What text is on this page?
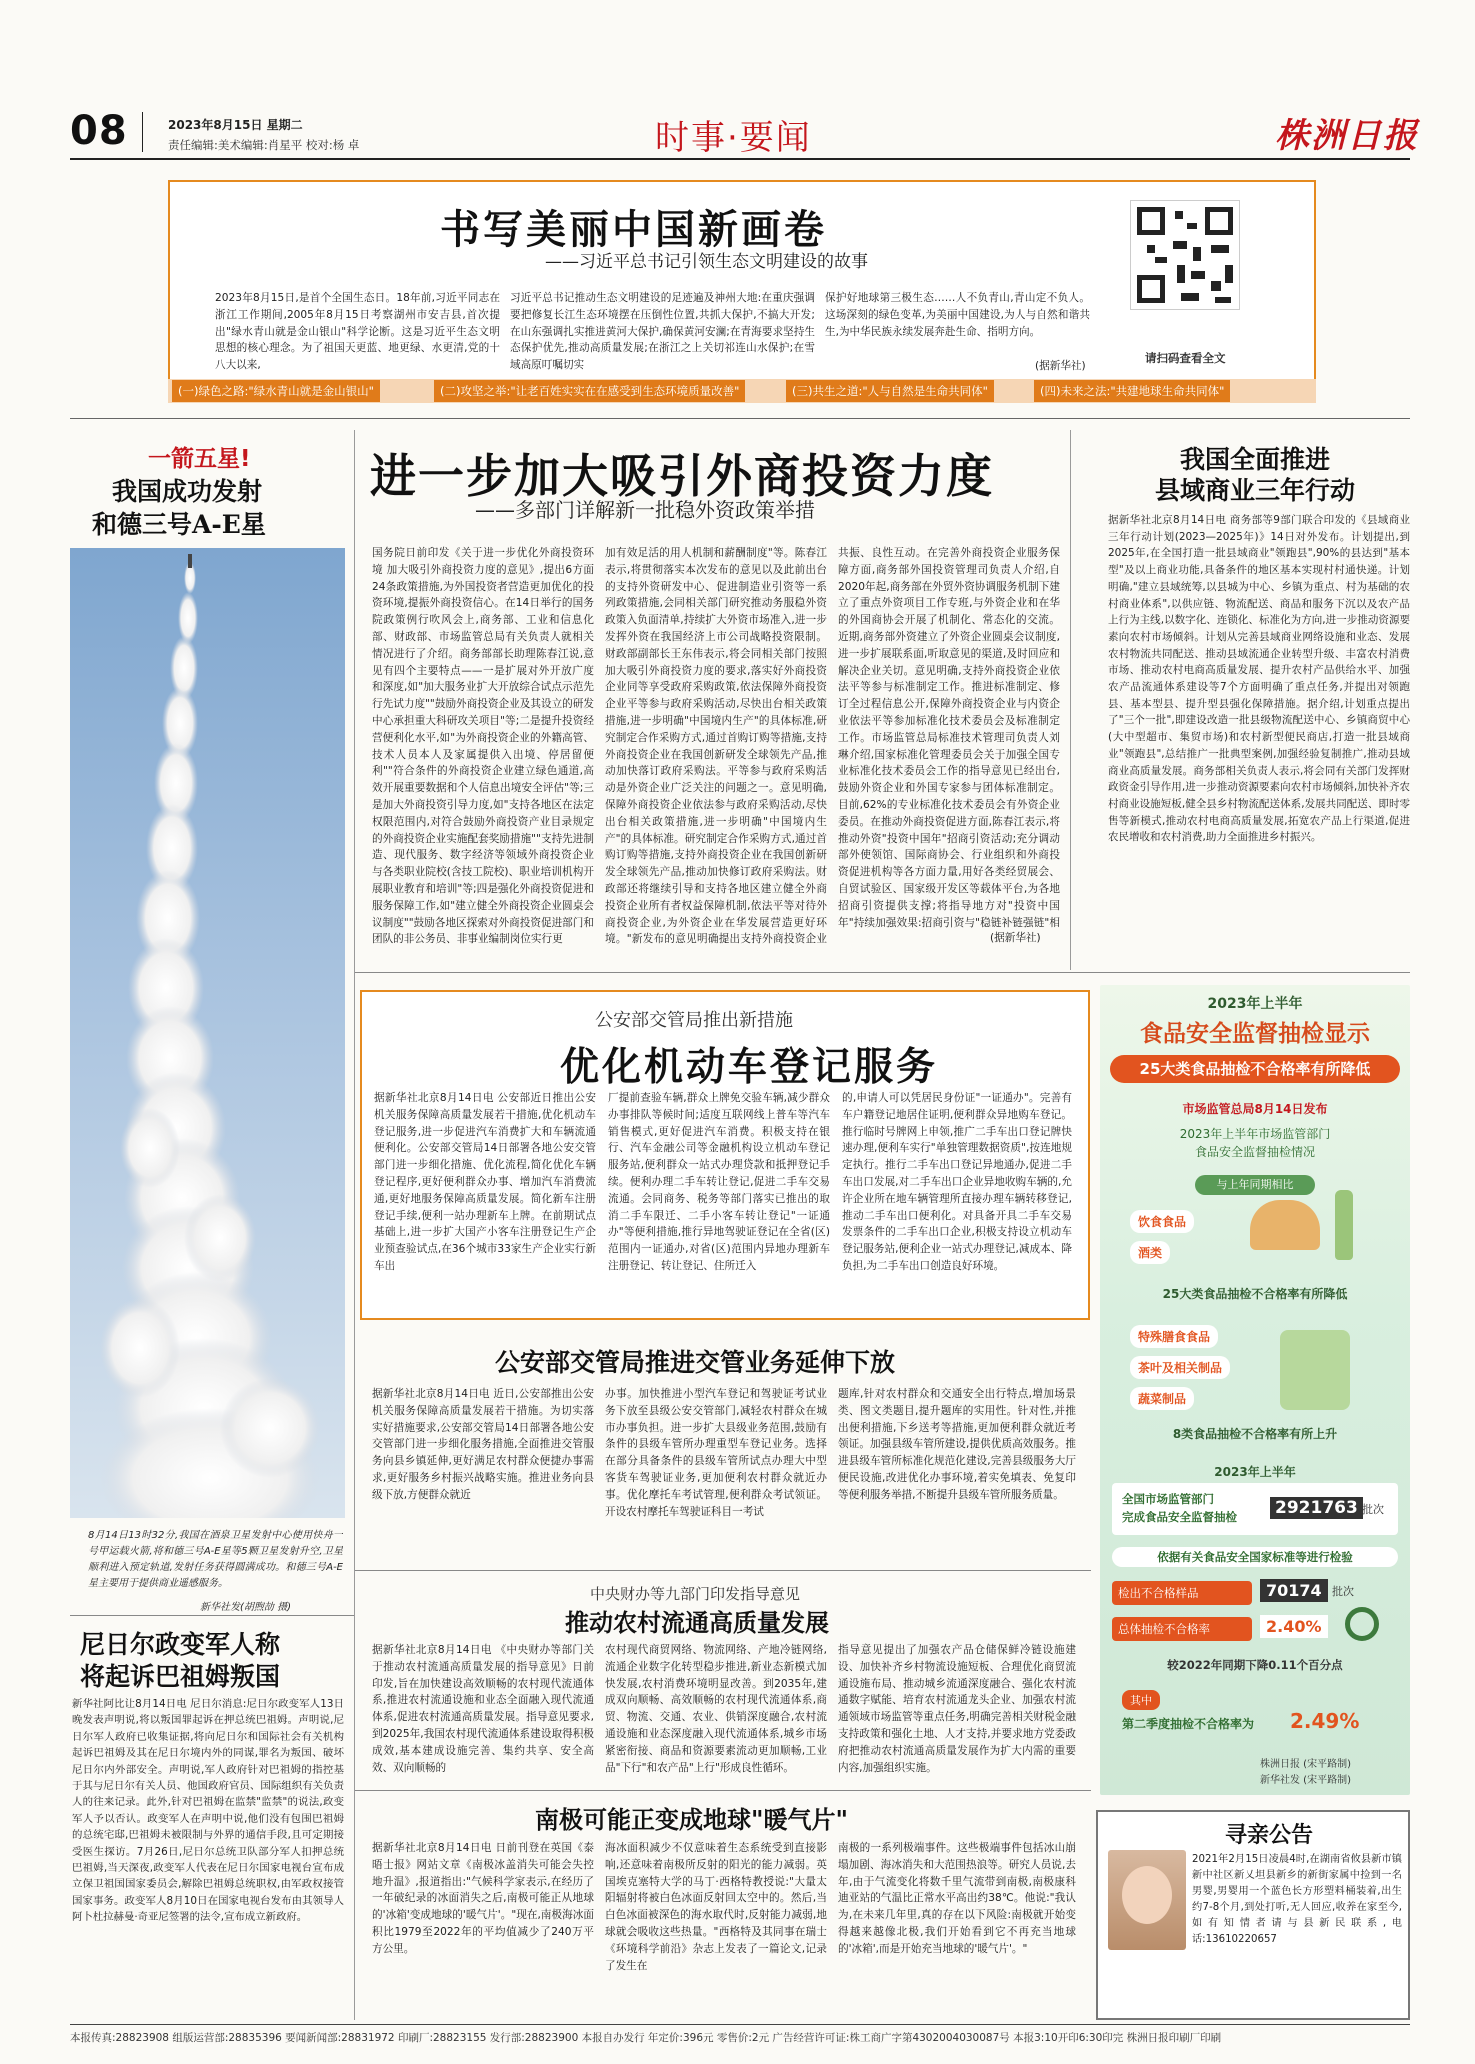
08	2023年8月15日 星期二
责任编辑:美术编辑:肖星平 校对:杨 卓	时事·要闻	株洲日报
书写美丽中国新画卷
——习近平总书记引领生态文明建设的故事
2023年8月15日,是首个全国生态日。18年前,习近平同志在浙江工作期间,2005年8月15日考察湖州市安吉县,首次提出"绿水青山就是金山银山"科学论断。这是习近平生态文明思想的核心理念。为了祖国天更蓝、地更绿、水更清,党的十八大以来,
习近平总书记推动生态文明建设的足迹遍及神州大地:在重庆强调要把修复长江生态环境摆在压倒性位置,共抓大保护,不搞大开发;在山东强调扎实推进黄河大保护,确保黄河安澜;在青海要求坚持生态保护优先,推动高质量发展;在浙江之上关切祁连山水保护;在雪域高原叮嘱切实
保护好地球第三极生态……人不负青山,青山定不负人。这场深刻的绿色变革,为美丽中国建设,为人与自然和谐共生,为中华民族永续发展奔赴生命、指明方向。
(据新华社)
请扫码查看全文
(一)绿色之路:"绿水青山就是金山银山"	(二)攻坚之举:"让老百姓实实在在感受到生态环境质量改善"	(三)共生之道:"人与自然是生命共同体"	(四)未来之法:"共建地球生命共同体"
一箭五星!
我国成功发射
和德三号A-E星
8月14日13时32分,我国在酒泉卫星发射中心使用快舟一号甲运载火箭,将和德三号A-E星等5颗卫星发射升空,卫星顺利进入预定轨道,发射任务获得圆满成功。和德三号A-E星主要用于提供商业遥感服务。
新华社发(胡煦劼 摄)
进一步加大吸引外商投资力度
——多部门详解新一批稳外资政策举措
国务院日前印发《关于进一步优化外商投资环境 加大吸引外商投资力度的意见》,提出6方面24条政策措施,为外国投资者营造更加优化的投资环境,提振外商投资信心。在14日举行的国务院政策例行吹风会上,商务部、工业和信息化部、财政部、市场监管总局有关负责人就相关情况进行了介绍。商务部部长助理陈春江说,意见有四个主要特点——一是扩展对外开放广度和深度,如"加大服务业扩大开放综合试点示范先行先试力度""鼓励外商投资企业及其设立的研发中心承担重大科研攻关项目"等;二是提升投资经营便利化水平,如"为外商投资企业的外籍高管、技术人员本人及家属提供入出境、停居留便利""符合条件的外商投资企业建立绿色通道,高效开展重要数据和个人信息出境安全评估"等;三是加大外商投资引导力度,如"支持各地区在法定权限范围内,对符合鼓励外商投资产业目录规定的外商投资企业实施配套奖励措施""支持先进制造、现代服务、数字经济等领域外商投资企业与各类职业院校(含技工院校)、职业培训机构开展职业教育和培训"等;四是强化外商投资促进和服务保障工作,如"建立健全外商投资企业圆桌会议制度""鼓励各地区探索对外商投资促进部门和团队的非公务员、非事业编制岗位实行更
加有效足活的用人机制和薪酬制度"等。陈春江表示,将贯彻落实本次发布的意见以及此前出台的支持外资研发中心、促进制造业引资等一系列政策措施,会同相关部门研究推动务服稳外资政策入负面清单,持续扩大外资市场准入,进一步发挥外资在我国经济上市公司战略投资限制。财政部副部长王东伟表示,将会同相关部门按照加大吸引外商投资力度的要求,落实好外商投资企业同等享受政府采购政策,依法保障外商投资企业平等参与政府采购活动,尽快出台相关政策措施,进一步明确"中国境内生产"的具体标准,研究制定合作采购方式,通过首购订购等措施,支持外商投资企业在我国创新研发全球领先产品,推动加快落订政府采购法。平等参与政府采购活动是外资企业广泛关注的问题之一。意见明确,保障外商投资企业依法参与政府采购活动,尽快出台相关政策措施,进一步明确"中国境内生产"的具体标准。研究制定合作采购方式,通过首购订购等措施,支持外商投资企业在我国创新研发全球领先产品,推动加快修订政府采购法。财政部还将继续引导和支持各地区建立健全外商投资企业所有者权益保障机制,依法平等对待外商投资企业,为外资企业在华发展营造更好环境。"新发布的意见明确提出支持外商投资企业
共振、良性互动。在完善外商投资企业服务保障方面,商务部外国投资管理司负责人介绍,自2020年起,商务部在外贸外资协调服务机制下建立了重点外资项目工作专班,与外资企业和在华的外国商协会开展了机制化、常态化的交流。近期,商务部外资建立了外资企业圆桌会议制度,进一步扩展联系面,听取意见的渠道,及时回应和解决企业关切。意见明确,支持外商投资企业依法平等参与标准制定工作。推进标准制定、修订全过程信息公开,保障外商投资企业与内资企业依法平等参加标准化技术委员会及标准制定工作。市场监管总局标准技术管理司负责人刘琳介绍,国家标准化管理委员会关于加强全国专业标准化技术委员会工作的指导意见已经出台,鼓励外资企业和外国专家参与团体标准制定。目前,62%的专业标准化技术委员会有外资企业委员。在推动外商投资促进方面,陈春江表示,将推动外资"投资中国年"招商引资活动;充分调动部外使领馆、国际商协会、行业组织和外商投资促进机构等各方面力量,用好各类经贸展会、自贸试验区、国家级开发区等载体平台,为各地招商引资提供支撑;将指导地方对"投资中国年"持续加强效果:招商引资与"稳链补链强链"相
(据新华社)
我国全面推进
县域商业三年行动
据新华社北京8月14日电 商务部等9部门联合印发的《县域商业三年行动计划(2023—2025年)》14日对外发布。计划提出,到2025年,在全国打造一批县域商业"领跑县",90%的县达到"基本型"及以上商业功能,具备条件的地区基本实现村村通快递。计划明确,"建立县域统筹,以县城为中心、乡镇为重点、村为基础的农村商业体系",以供应链、物流配送、商品和服务下沉以及农产品上行为主线,以数字化、连锁化、标准化为方向,进一步推动资源要素向农村市场倾斜。计划从完善县域商业网络设施和业态、发展农村物流共同配送、推动县域流通企业转型升级、丰富农村消费市场、推动农村电商高质量发展、提升农村产品供给水平、加强农产品流通体系建设等7个方面明确了重点任务,并提出对领跑县、基本型县、提升型县强化保障措施。据介绍,计划重点提出了"三个一批",即建设改造一批县级物流配送中心、乡镇商贸中心(大中型超市、集贸市场)和农村新型便民商店,打造一批县域商业"领跑县",总结推广一批典型案例,加强经验复制推广,推动县域商业高质量发展。商务部相关负责人表示,将会同有关部门发挥财政资金引导作用,进一步推动资源要素向农村市场倾斜,加快补齐农村商业设施短板,健全县乡村物流配送体系,发展共同配送、即时零售等新模式,推动农村电商高质量发展,拓宽农产品上行渠道,促进农民增收和农村消费,助力全面推进乡村振兴。
公安部交管局推出新措施
优化机动车登记服务
据新华社北京8月14日电 公安部近日推出公安机关服务保障高质量发展若干措施,优化机动车登记服务,进一步促进汽车消费扩大和车辆流通便利化。公安部交管局14日部署各地公安交管部门进一步细化措施、优化流程,简化优化车辆登记程序,更好便利群众办事、增加汽车消费流通,更好地服务保障高质量发展。简化新车注册登记手续,便利一站办理新车上牌。在前期试点基础上,进一步扩大国产小客车注册登记生产企业预查验试点,在36个城市33家生产企业实行新车出
厂提前查验车辆,群众上牌免交验车辆,减少群众办事排队等候时间;适度互联网线上普车等汽车销售模式,更好促进汽车消费。积极支持在银行、汽车金融公司等金融机构设立机动车登记服务站,便利群众一站式办理贷款和抵押登记手续。便利办理二手车转让登记,促进二手车交易流通。会同商务、税务等部门落实已推出的取消二手车限迁、二手小客车转让登记"一证通办"等便利措施,推行异地驾驶证登记在全省(区)范围内一证通办,对省(区)范围内异地办理新车注册登记、转让登记、住所迁入
的,申请人可以凭居民身份证"一证通办"。完善有车户籍登记地居住证明,便利群众异地购车登记。推行临时号牌网上申领,推广二手车出口登记牌快速办理,便利车实行"单独管理数据资质",按连地规定执行。推行二手车出口登记异地通办,促进二手车出口发展,对二手车出口企业异地收购车辆的,允许企业所在地车辆管理所直接办理车辆转移登记,推动二手车出口便利化。对具备开具二手车交易发票条件的二手车出口企业,积极支持设立机动车登记服务站,便利企业一站式办理登记,减成本、降负担,为二手车出口创造良好环境。
公安部交管局推进交管业务延伸下放
据新华社北京8月14日电 近日,公安部推出公安机关服务保障高质量发展若干措施。为切实落实好措施要求,公安部交管局14日部署各地公安交管部门进一步细化服务措施,全面推进交管服务向县乡镇延伸,更好满足农村群众便捷办事需求,更好服务乡村振兴战略实施。推进业务向县级下放,方便群众就近
办事。加快推进小型汽车登记和驾驶证考试业务下放至县级公安交管部门,减轻农村群众在城市办事负担。进一步扩大县级业务范围,鼓励有条件的县级车管所办理重型车登记业务。选择在部分具备条件的县级车管所试点办理大中型客货车驾驶证业务,更加便利农村群众就近办事。优化摩托车考试管理,便利群众考试领证。开设农村摩托车驾驶证科目一考试
题库,针对农村群众和交通安全出行特点,增加场景类、图文类题目,提升题库的实用性。针对性,并推出便利措施,下乡送考等措施,更加便利群众就近考领证。加强县级车管所建设,提供优质高效服务。推进县级车管所标准化规范化建设,完善县级服务大厅便民设施,改进优化办事环境,着实免填表、免复印等便利服务举措,不断提升县级车管所服务质量。
中央财办等九部门印发指导意见
推动农村流通高质量发展
据新华社北京8月14日电 《中央财办等部门关于推动农村流通高质量发展的指导意见》日前印发,旨在加快建设高效顺畅的农村现代流通体系,推进农村流通设施和业态全面融入现代流通体系,促进农村流通高质量发展。指导意见要求,到2025年,我国农村现代流通体系建设取得积极成效,基本建成设施完善、集约共享、安全高效、双向顺畅的
农村现代商贸网络、物流网络、产地冷链网络,流通企业数字化转型稳步推进,新业态新模式加快发展,农村消费环境明显改善。到2035年,建成双向顺畅、高效顺畅的农村现代流通体系,商贸、物流、交通、农业、供销深度融合,农村流通设施和业态深度融入现代流通体系,城乡市场紧密衔接、商品和资源要素流动更加顺畅,工业品"下行"和农产品"上行"形成良性循环。
指导意见提出了加强农产品仓储保鲜冷链设施建设、加快补齐乡村物流设施短板、合理优化商贸流通设施布局、推动城乡流通深度融合、强化农村流通数字赋能、培育农村流通龙头企业、加强农村流通领域市场监管等重点任务,明确完善相关财税金融支持政策和强化土地、人才支持,并要求地方党委政府把推动农村流通高质量发展作为扩大内需的重要内容,加强组织实施。
南极可能正变成地球"暖气片"
据新华社北京8月14日电 日前刊登在英国《泰晤士报》网站文章《南极冰盖消失可能会失控地升温》,报道指出:"气候科学家表示,在经历了一年破纪录的冰面消失之后,南极可能正从地球的'冰箱'变成地球的'暖气片'。"现在,南极海冰面积比1979至2022年的平均值减少了240万平方公里。
海冰面积减少不仅意味着生态系统受到直接影响,还意味着南极所反射的阳光的能力减弱。英国埃克塞特大学的马丁·西格特教授说:"大量太阳辐射将被白色冰面反射回太空中的。然后,当白色冰面被深色的海水取代时,反射能力减弱,地球就会吸收这些热量。"西格特及其同事在瑞士《环境科学前沿》杂志上发表了一篇论文,记录了发生在
南极的一系列极端事件。这些极端事件包括冰山崩塌加剧、海冰消失和大范围热浪等。研究人员说,去年,由于气流变化将数千里气流带到南极,南极康科迪亚站的气温比正常水平高出约38℃。他说:"我认为,在未来几年里,真的存在以下风险:南极就开始变得越来越像北极,我们开始看到它不再充当地球的'冰箱',而是开始充当地球的'暖气片'。"
尼日尔政变军人称
将起诉巴祖姆叛国
新华社阿比让8月14日电 尼日尔消息:尼日尔政变军人13日晚发表声明说,将以叛国罪起诉在押总统巴祖姆。声明说,尼日尔军人政府已收集证据,将向尼日尔和国际社会有关机构起诉巴祖姆及其在尼日尔境内外的同谋,罪名为叛国、破坏尼日尔内外部安全。声明说,军人政府针对巴祖姆的指控基于其与尼日尔有关人员、他国政府官员、国际组织有关负责人的往来记录。此外,针对巴祖姆在监禁"监禁"的说法,政变军人予以否认。政变军人在声明中说,他们没有包围巴祖姆的总统宅邸,巴祖姆未被限制与外界的通信手段,且可定期接受医生探访。7月26日,尼日尔总统卫队部分军人扣押总统巴祖姆,当天深夜,政变军人代表在尼日尔国家电视台宣布成立保卫祖国国家委员会,解除巴祖姆总统职权,由军政权接管国家事务。政变军人8月10日在国家电视台发布由其领导人阿卜杜拉赫曼·奇亚尼签署的法令,宣布成立新政府。
2023年上半年
食品安全监督抽检显示
25大类食品抽检不合格率有所降低
市场监管总局8月14日发布
2023年上半年市场监管部门
食品安全监督抽检情况
与上年同期相比
饮食食品
酒类
25大类食品抽检不合格率有所降低
特殊膳食食品
茶叶及相关制品
蔬菜制品
8类食品抽检不合格率有所上升
2023年上半年
全国市场监管部门
完成食品安全监督抽检 2921763 批次
依据有关食品安全国家标准等进行检验
检出不合格样品	70174 批次
总体抽检不合格率	2.40%
较2022年同期下降0.11个百分点
其中
第二季度抽检不合格率为 2.49%
株洲日报 (宋平路制)
新华社发 (宋平路制)
寻亲公告
2021年2月15日凌晨4时,在湖南省攸县新市镇新中社区新乂坦县新乡的新街家属中捡到一名男婴,男婴用一个蓝色长方形塑料桶装着,出生约7-8个月,到处打听,无人回应,收养在家至今,如有知情者请与县新民联系,电话:13610220657
本报传真:28823908 组版运营部:28835396 要闻新闻部:28831972 印刷厂:28823155 发行部:28823900 本报自办发行 年定价:396元 零售价:2元 广告经营许可证:株工商广字第4302004030087号 本报3:10开印6:30印完 株洲日报印刷厂印刷
